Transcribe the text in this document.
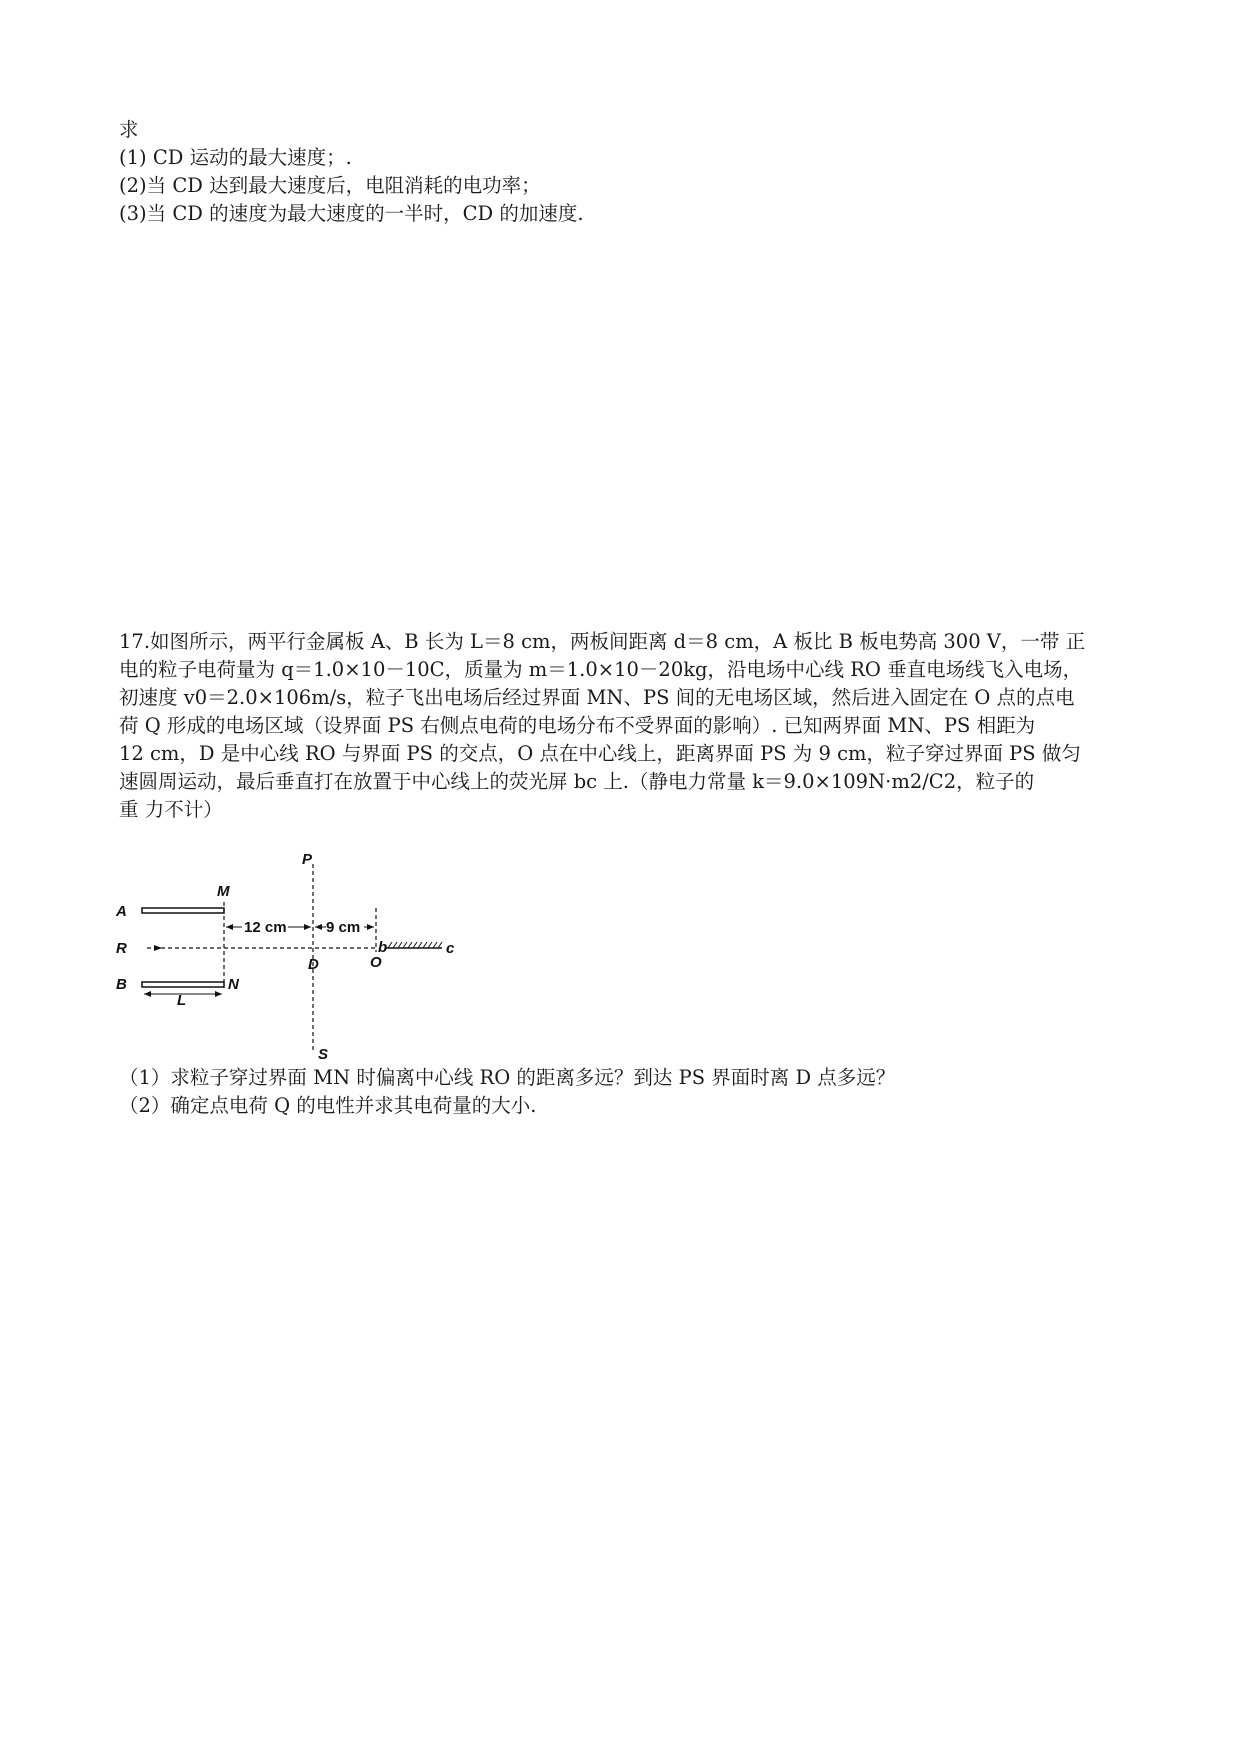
求
(1) CD 运动的最大速度；.
(2)当 CD 达到最大速度后，电阻消耗的电功率；
(3)当 CD 的速度为最大速度的一半时，CD 的加速度.
17.如图所示，两平行金属板 A、B 长为 L＝8 cm，两板间距离 d＝8 cm，A 板比 B 板电势高 300 V，一带 正
电的粒子电荷量为 q＝1.0×10－10C，质量为 m＝1.0×10－20kg，沿电场中心线 RO 垂直电场线飞入电场，
初速度 v0＝2.0×106m/s，粒子飞出电场后经过界面 MN、PS 间的无电场区域，然后进入固定在 O 点的点电
荷 Q 形成的电场区域（设界面 PS 右侧点电荷的电场分布不受界面的影响）. 已知两界面 MN、PS 相距为
12 cm，D 是中心线 RO 与界面 PS 的交点，O 点在中心线上，距离界面 PS 为 9 cm，粒子穿过界面 PS 做匀
速圆周运动，最后垂直打在放置于中心线上的荧光屏 bc 上.（静电力常量 k＝9.0×109N·m2/C2，粒子的
重 力不计）
P
M
A
R
B	N
L
D	O
b	c
S
12 cm	9 cm
（1）求粒子穿过界面 MN 时偏离中心线 RO 的距离多远？到达 PS 界面时离 D 点多远？
（2）确定点电荷 Q 的电性并求其电荷量的大小.
